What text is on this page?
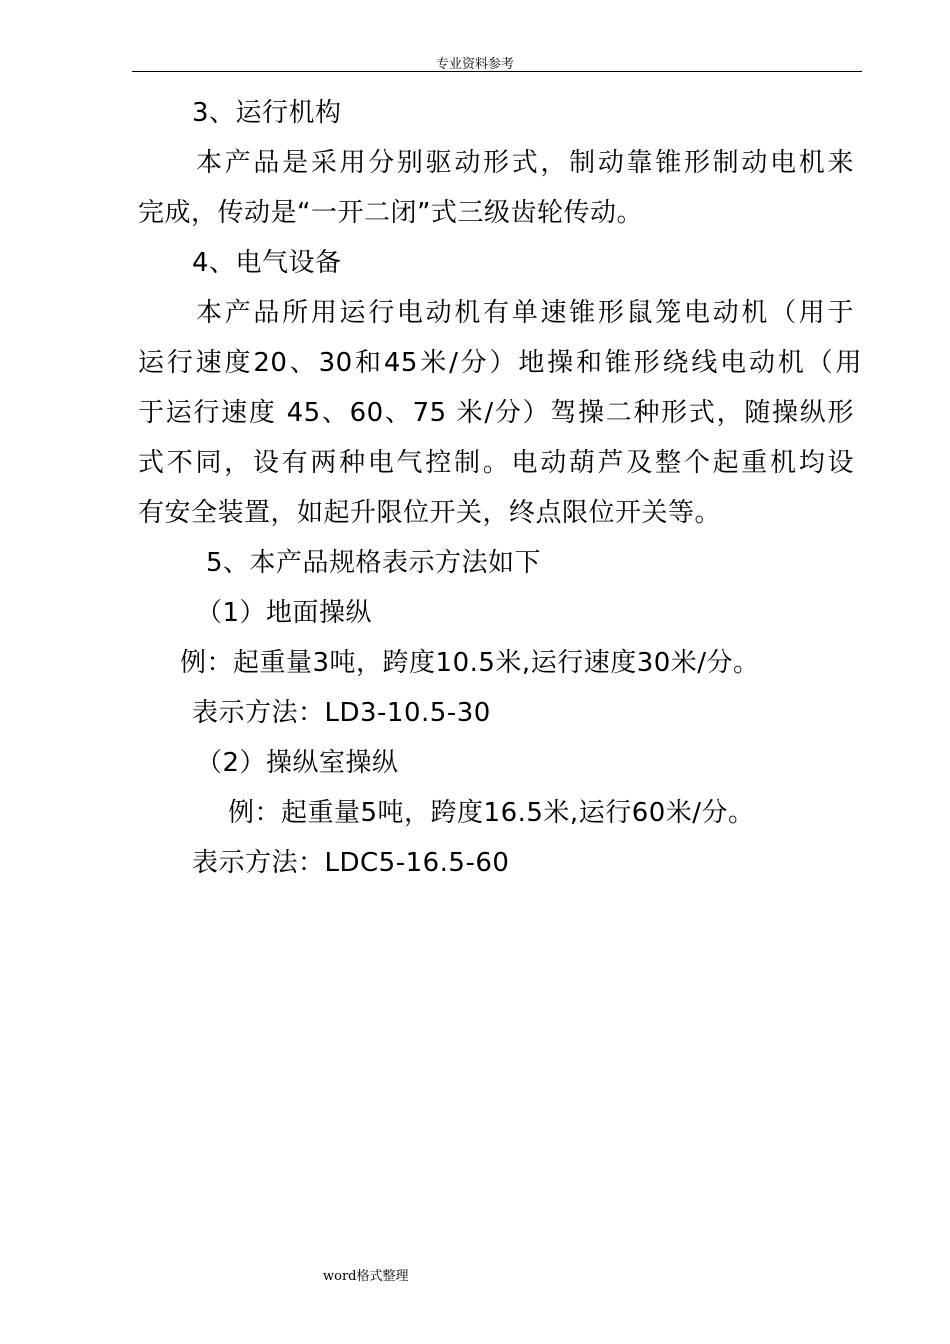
专业资料参考
3、运行机构
本产品是采用分别驱动形式，制动靠锥形制动电机来
完成，传动是“一开二闭”式三级齿轮传动。
4、电气设备
本产品所用运行电动机有单速锥形鼠笼电动机（用于
运行速度20、30和45米/分）地操和锥形绕线电动机（用
于运行速度 45、60、75 米/分）驾操二种形式，随操纵形
式不同，设有两种电气控制。电动葫芦及整个起重机均设
有安全装置，如起升限位开关，终点限位开关等。
5、本产品规格表示方法如下
（1）地面操纵
例：起重量3吨，跨度10.5米,运行速度30米/分。
表示方法：LD3-10.5-30
（2）操纵室操纵
例：起重量5吨，跨度16.5米,运行60米/分。
表示方法：LDC5-16.5-60
word格式整理
